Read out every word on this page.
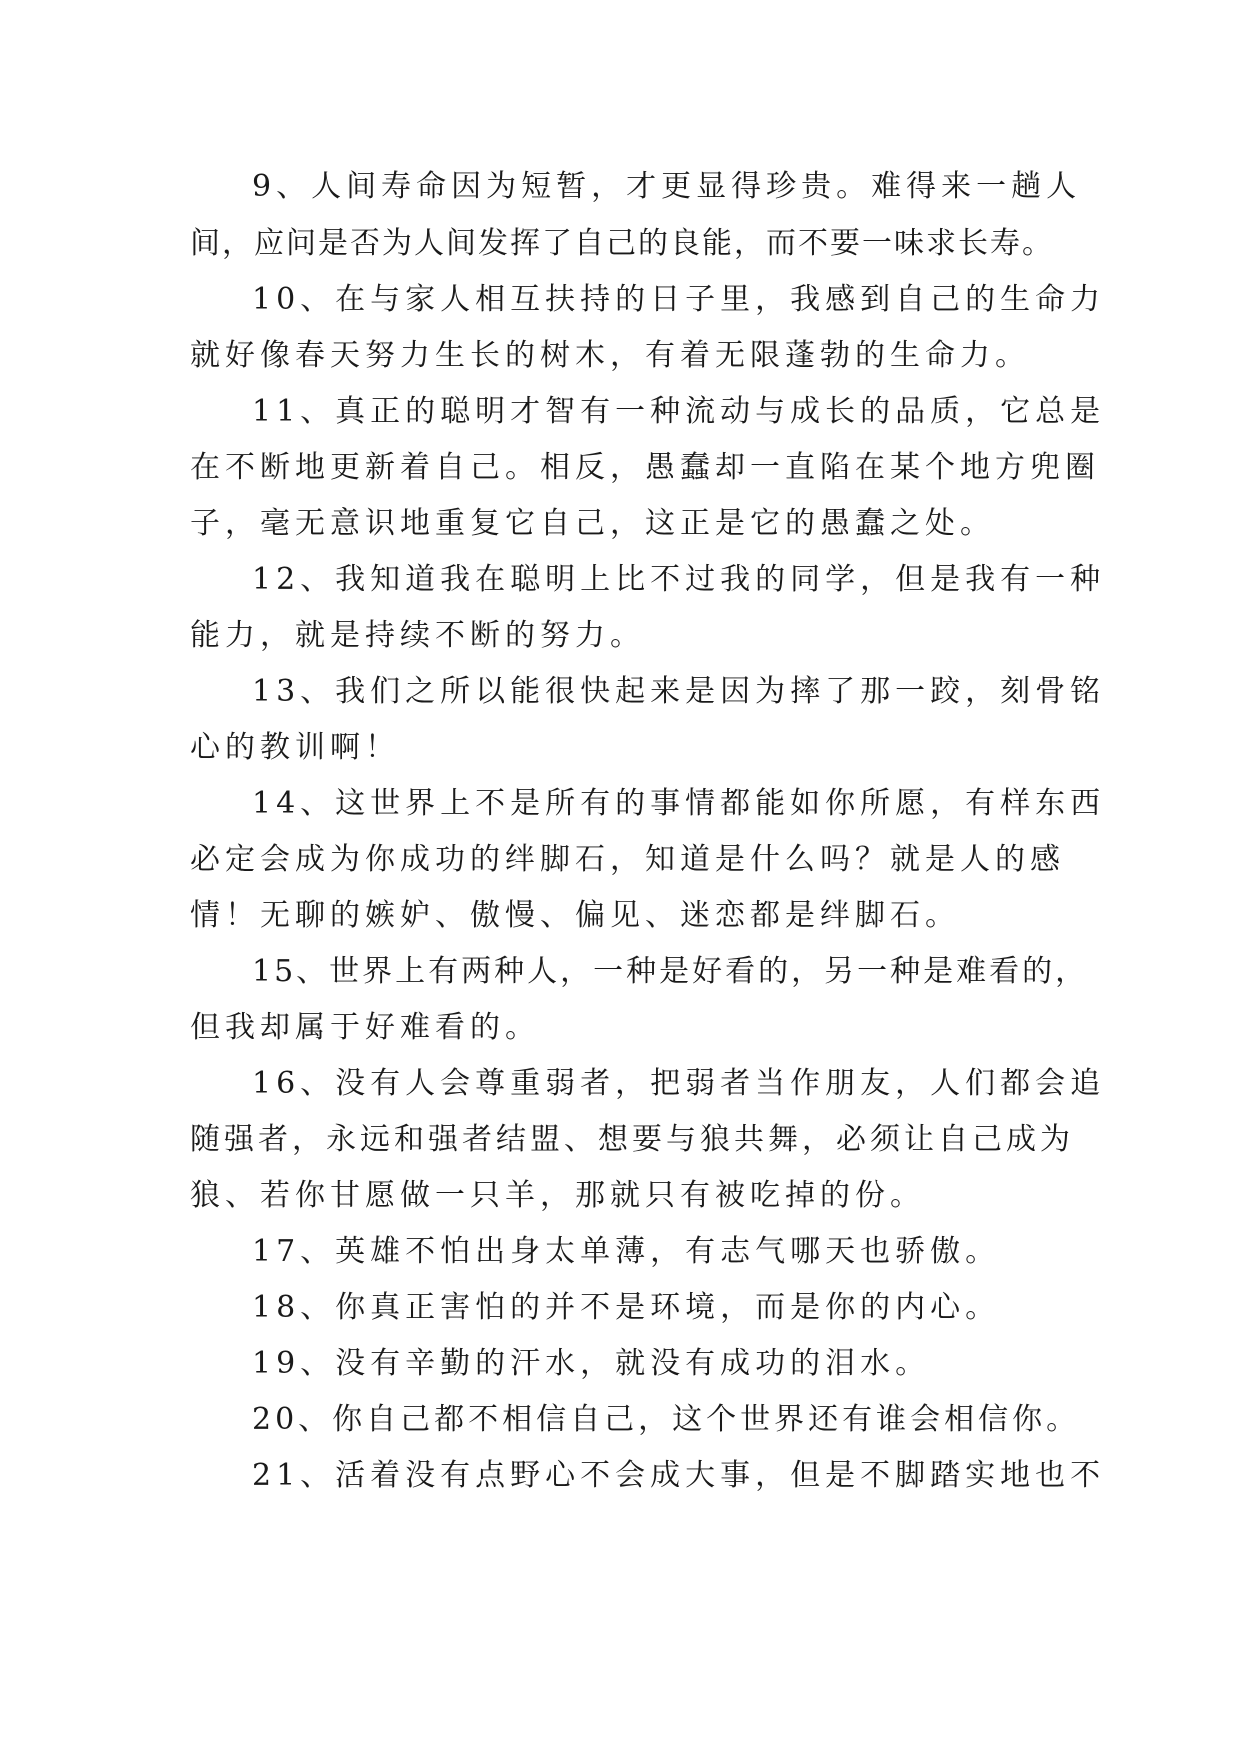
9、人间寿命因为短暂，才更显得珍贵。难得来一趟人
间，应问是否为人间发挥了自己的良能，而不要一味求长寿。
10、在与家人相互扶持的日子里，我感到自己的生命力
就好像春天努力生长的树木，有着无限蓬勃的生命力。
11、真正的聪明才智有一种流动与成长的品质，它总是
在不断地更新着自己。相反，愚蠢却一直陷在某个地方兜圈
子，毫无意识地重复它自己，这正是它的愚蠢之处。
12、我知道我在聪明上比不过我的同学，但是我有一种
能力，就是持续不断的努力。
13、我们之所以能很快起来是因为摔了那一跤，刻骨铭
心的教训啊！
14、这世界上不是所有的事情都能如你所愿，有样东西
必定会成为你成功的绊脚石，知道是什么吗？就是人的感
情！无聊的嫉妒、傲慢、偏见、迷恋都是绊脚石。
15、世界上有两种人，一种是好看的，另一种是难看的，
但我却属于好难看的。
16、没有人会尊重弱者，把弱者当作朋友，人们都会追
随强者，永远和强者结盟、想要与狼共舞，必须让自己成为
狼、若你甘愿做一只羊，那就只有被吃掉的份。
17、英雄不怕出身太单薄，有志气哪天也骄傲。
18、你真正害怕的并不是环境，而是你的内心。
19、没有辛勤的汗水，就没有成功的泪水。
20、你自己都不相信自己，这个世界还有谁会相信你。
21、活着没有点野心不会成大事，但是不脚踏实地也不
